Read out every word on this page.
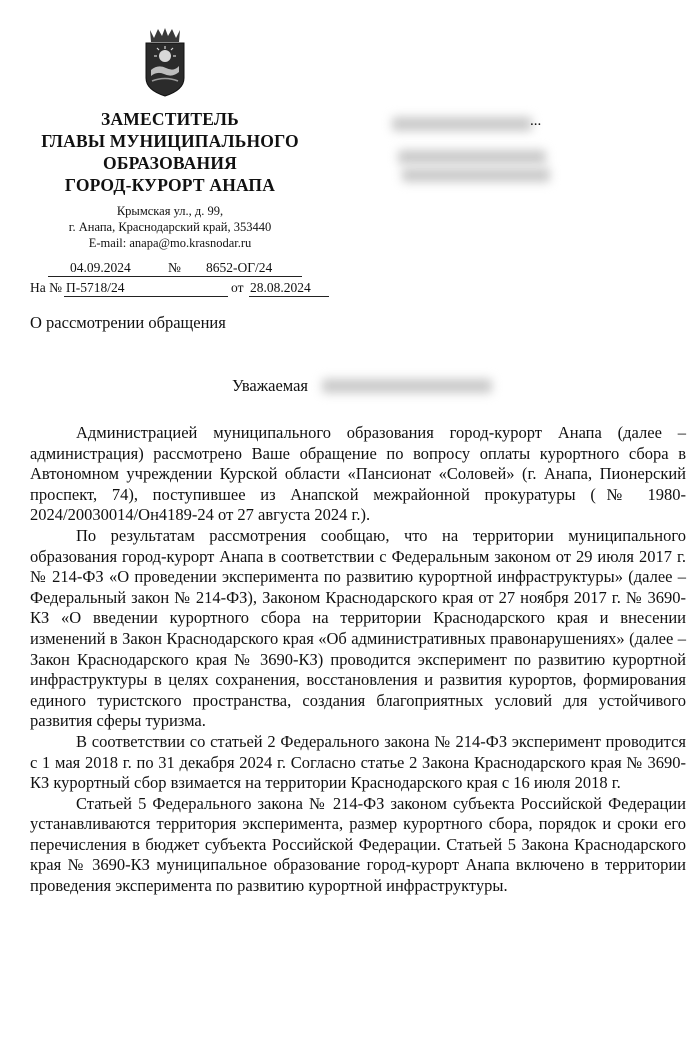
ЗАМЕСТИТЕЛЬ
ГЛАВЫ МУНИЦИПАЛЬНОГО
ОБРАЗОВАНИЯ
ГОРОД-КУРОРТ АНАПА
Крымская ул., д. 99,
г. Анапа, Краснодарский край, 353440
E-mail: anapa@mo.krasnodar.ru
04.09.2024	№ 8652-ОГ/24
На № П-5718/24	от 28.08.2024
...
О рассмотрении обращения
Уважаемая

Администрацией муниципального образования город-курорт Анапа (далее – администрация) рассмотрено Ваше обращение по вопросу оплаты курортного сбора в Автономном учреждении Курской области «Пансионат «Соловей» (г. Анапа, Пионерский проспект, 74), поступившее из Анапской межрайонной прокуратуры (№ 1980-2024/20030014/Он4189-24 от 27 августа 2024 г.).

По результатам рассмотрения сообщаю, что на территории муниципального образования город-курорт Анапа в соответствии с Федеральным законом от 29 июля 2017 г. № 214-ФЗ «О проведении эксперимента по развитию курортной инфраструктуры» (далее – Федеральный закон № 214-ФЗ), Законом Краснодарского края от 27 ноября 2017 г. № 3690-КЗ «О введении курортного сбора на территории Краснодарского края и внесении изменений в Закон Краснодарского края «Об административных правонарушениях» (далее – Закон Краснодарского края № 3690-КЗ) проводится эксперимент по развитию курортной инфраструктуры в целях сохранения, восстановления и развития курортов, формирования единого туристского пространства, создания благоприятных условий для устойчивого развития сферы туризма.

В соответствии со статьей 2 Федерального закона № 214-ФЗ эксперимент проводится с 1 мая 2018 г. по 31 декабря 2024 г. Согласно статье 2 Закона Краснодарского края № 3690-КЗ курортный сбор взимается на территории Краснодарского края с 16 июля 2018 г.

Статьей 5 Федерального закона № 214-ФЗ законом субъекта Российской Федерации устанавливаются территория эксперимента, размер курортного сбора, порядок и сроки его перечисления в бюджет субъекта Российской Федерации. Статьей 5 Закона Краснодарского края № 3690-КЗ муниципальное образование город-курорт Анапа включено в территории проведения эксперимента по развитию курортной инфраструктуры.
